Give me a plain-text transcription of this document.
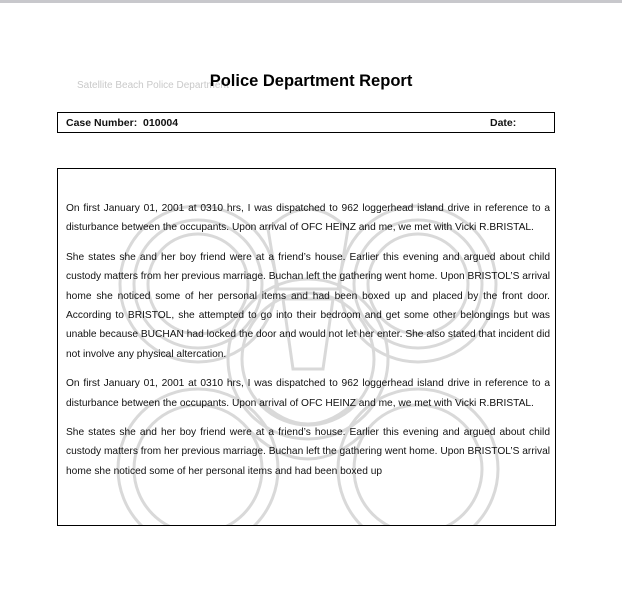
Satellite Beach Police Department
Police Department Report
Case Number: 010004	Date:

On first January 01, 2001 at 0310 hrs, I was dispatched to 962 loggerhead island drive in reference to a disturbance between the occupants. Upon arrival of OFC HEINZ and me, we met with Vicki R.BRISTAL.

She states she and her boy friend were at a friend’s house. Earlier this evening and argued about child custody matters from her previous marriage. Buchan left the gathering went home. Upon BRISTOL’S arrival home she noticed some of her personal items and had been boxed up and placed by the front door. According to BRISTOL, she attempted to go into their bedroom and get some other belongings but was unable because BUCHAN had locked the door and would not let her enter. She also stated that incident did not involve any physical altercation.

On first January 01, 2001 at 0310 hrs, I was dispatched to 962 loggerhead island drive in reference to a disturbance between the occupants. Upon arrival of OFC HEINZ and me, we met with Vicki R.BRISTAL.

She states she and her boy friend were at a friend’s house. Earlier this evening and argued about child custody matters from her previous marriage. Buchan left the gathering went home. Upon BRISTOL’S arrival home she noticed some of her personal items and had been boxed up
